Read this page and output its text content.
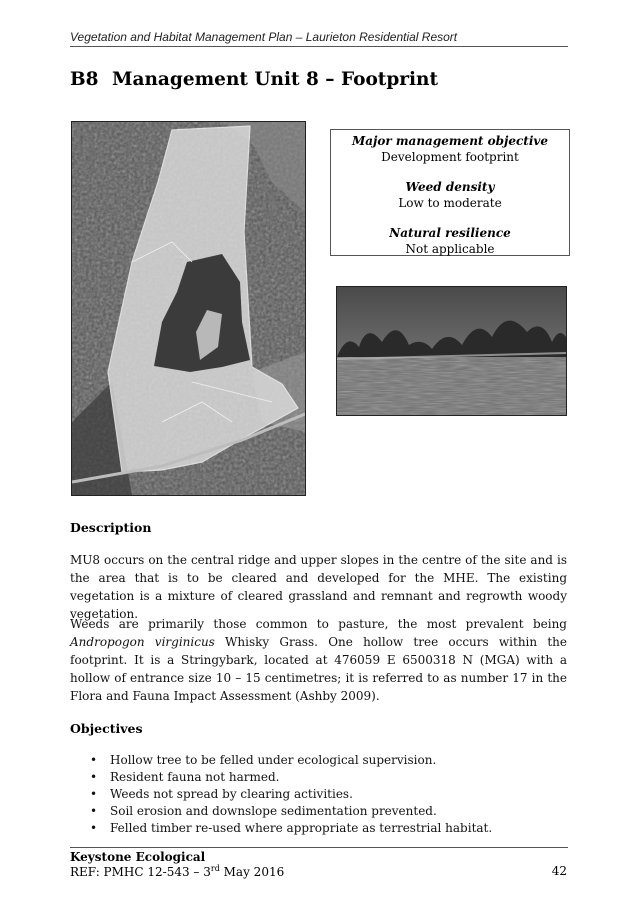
Vegetation and Habitat Management Plan – Laurieton Residential Resort
B8 Management Unit 8 – Footprint
Major management objective
Development footprint
Weed density
Low to moderate
Natural resilience
Not applicable
Description
MU8 occurs on the central ridge and upper slopes in the centre of the site and is the area that is to be cleared and developed for the MHE. The existing vegetation is a mixture of cleared grassland and remnant and regrowth woody vegetation.
Weeds are primarily those common to pasture, the most prevalent being Andropogon virginicus Whisky Grass. One hollow tree occurs within the footprint. It is a Stringybark, located at 476059 E 6500318 N (MGA) with a hollow of entrance size 10 – 15 centimetres; it is referred to as number 17 in the Flora and Fauna Impact Assessment (Ashby 2009).
Objectives
• Hollow tree to be felled under ecological supervision.
• Resident fauna not harmed.
• Weeds not spread by clearing activities.
• Soil erosion and downslope sedimentation prevented.
• Felled timber re-used where appropriate as terrestrial habitat.
Keystone Ecological
REF: PMHC 12-543 – 3rd May 2016	42
